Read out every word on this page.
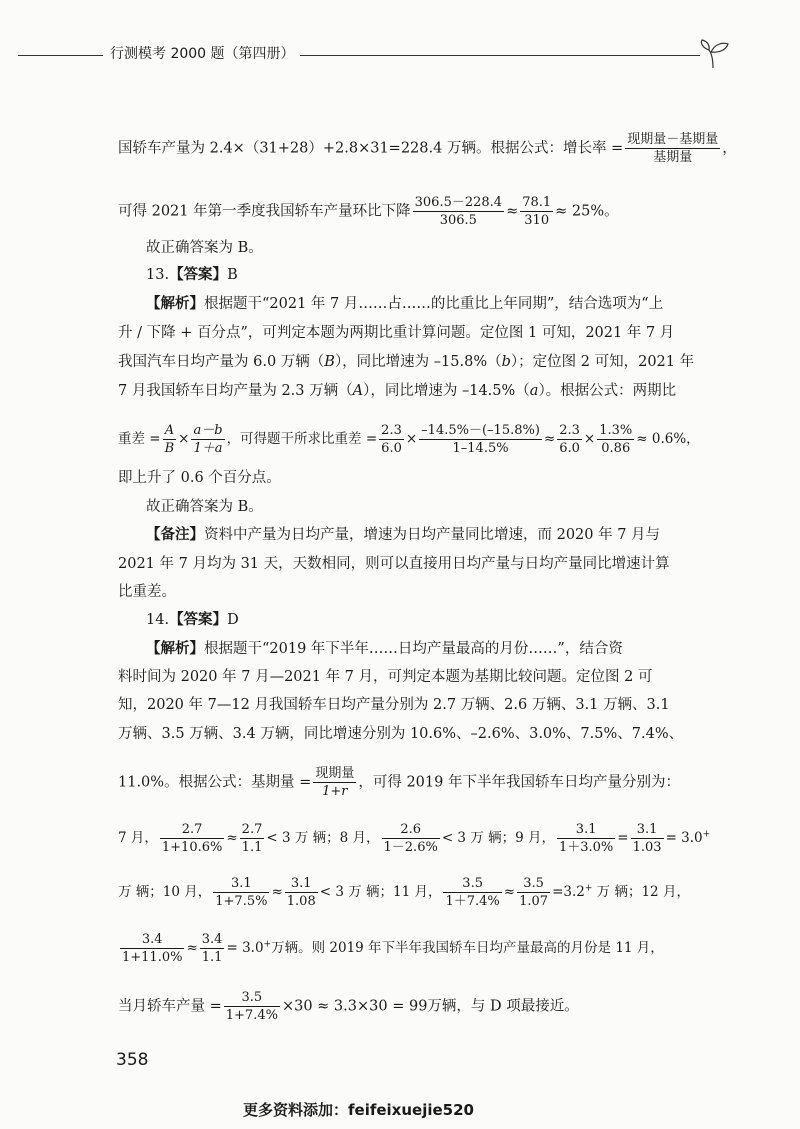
行测模考 2000 题（第四册）
国轿车产量为 2.4×（31+28）+2.8×31=228.4 万辆。根据公式：增长率 =
现期量－基期量
基期量
，
可得 2021 年第一季度我国轿车产量环比下降 $\frac{306.5-228.4}{306.5} \approx \frac{78.1}{310} \approx 25\%$。
故正确答案为 B。
13.【答案】B
【解析】根据题干“2021 年 7 月……占……的比重比上年同期”，结合选项为“上
升 / 下降 + 百分点”，可判定本题为两期比重计算问题。定位图 1 可知，2021 年 7 月
我国汽车日均产量为 6.0 万辆（B），同比增速为 –15.8%（b）；定位图 2 可知，2021 年
7 月我国轿车日均产量为 2.3 万辆（A），同比增速为 –14.5%（a）。根据公式：两期比
重差 = $\frac{A}{B} \times \frac{a-b}{1+a}$ ，可得题干所求比重差 = $\frac{2.3}{6.0} \times \frac{-14.5\%-(-15.8\%)}{1-14.5\%} \approx \frac{2.3}{6.0} \times \frac{1.3\%}{0.86} \approx 0.6\%$，
即上升了 0.6 个百分点。
故正确答案为 B。
【备注】资料中产量为日均产量，增速为日均产量同比增速，而 2020 年 7 月与
2021 年 7 月均为 31 天，天数相同，则可以直接用日均产量与日均产量同比增速计算
比重差。
14.【答案】D
【解析】根据题干“2019 年下半年……日均产量最高的月份……”，结合资
料时间为 2020 年 7 月—2021 年 7 月，可判定本题为基期比较问题。定位图 2 可
知，2020 年 7—12 月我国轿车日均产量分别为 2.7 万辆、2.6 万辆、3.1 万辆、3.1
万辆、3.5 万辆、3.4 万辆，同比增速分别为 10.6%、–2.6%、3.0%、7.5%、7.4%、
11.0%。根据公式：基期量 =
现期量
1+r
，可得 2019 年下半年我国轿车日均产量分别为：
7 月， $\frac{2.7}{1+10.6\%} \approx \frac{2.7}{1.1} < 3$ 万 辆；8 月， $\frac{2.6}{1-2.6\%} < 3$ 万 辆；9 月， $\frac{3.1}{1+3.0\%} = \frac{3.1}{1.03} = 3.0^+$
万 辆；10 月， $\frac{3.1}{1+7.5\%} \approx \frac{3.1}{1.08} < 3$ 万 辆；11 月， $\frac{3.5}{1+7.4\%} \approx \frac{3.5}{1.07} =3.2^+$ 万 辆；12 月，
$\frac{3.4}{1+11.0\%} \approx \frac{3.4}{1.1} = 3.0^+$万辆。则 2019 年下半年我国轿车日均产量最高的月份是 11 月，
当月轿车产量 = $\frac{3.5}{1+7.4\%} \times 30 \approx 3.3\times 30 = 99$万辆，与 D 项最接近。
358
更多资料添加：feifeixuejie520
